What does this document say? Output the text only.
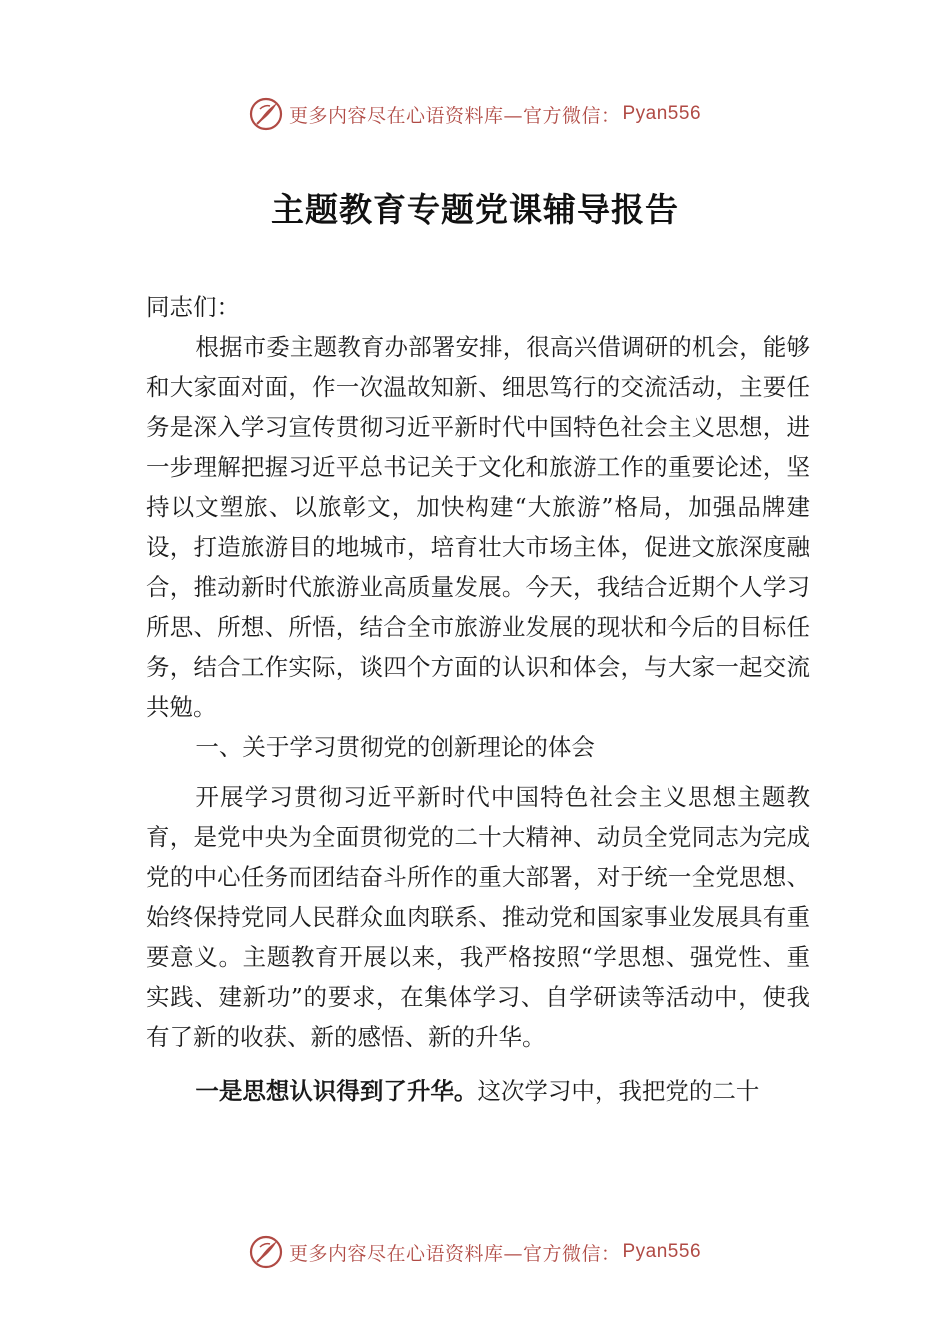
更多内容尽在心语资料库—官方微信： Pyan556
主题教育专题党课辅导报告

同志们：

根据市委主题教育办部署安排，很高兴借调研的机会，能够和大家面对面，作一次温故知新、细思笃行的交流活动，主要任务是深入学习宣传贯彻习近平新时代中国特色社会主义思想，进一步理解把握习近平总书记关于文化和旅游工作的重要论述，坚持以文塑旅、以旅彰文，加快构建“大旅游”格局，加强品牌建设，打造旅游目的地城市，培育壮大市场主体，促进文旅深度融合，推动新时代旅游业高质量发展。今天，我结合近期个人学习所思、所想、所悟，结合全市旅游业发展的现状和今后的目标任务，结合工作实际，谈四个方面的认识和体会，与大家一起交流共勉。

一、关于学习贯彻党的创新理论的体会

开展学习贯彻习近平新时代中国特色社会主义思想主题教育，是党中央为全面贯彻党的二十大精神、动员全党同志为完成党的中心任务而团结奋斗所作的重大部署，对于统一全党思想、始终保持党同人民群众血肉联系、推动党和国家事业发展具有重要意义。主题教育开展以来，我严格按照“学思想、强党性、重实践、建新功”的要求，在集体学习、自学研读等活动中，使我有了新的收获、新的感悟、新的升华。

一是思想认识得到了升华。这次学习中，我把党的二十

更多内容尽在心语资料库—官方微信： Pyan556
